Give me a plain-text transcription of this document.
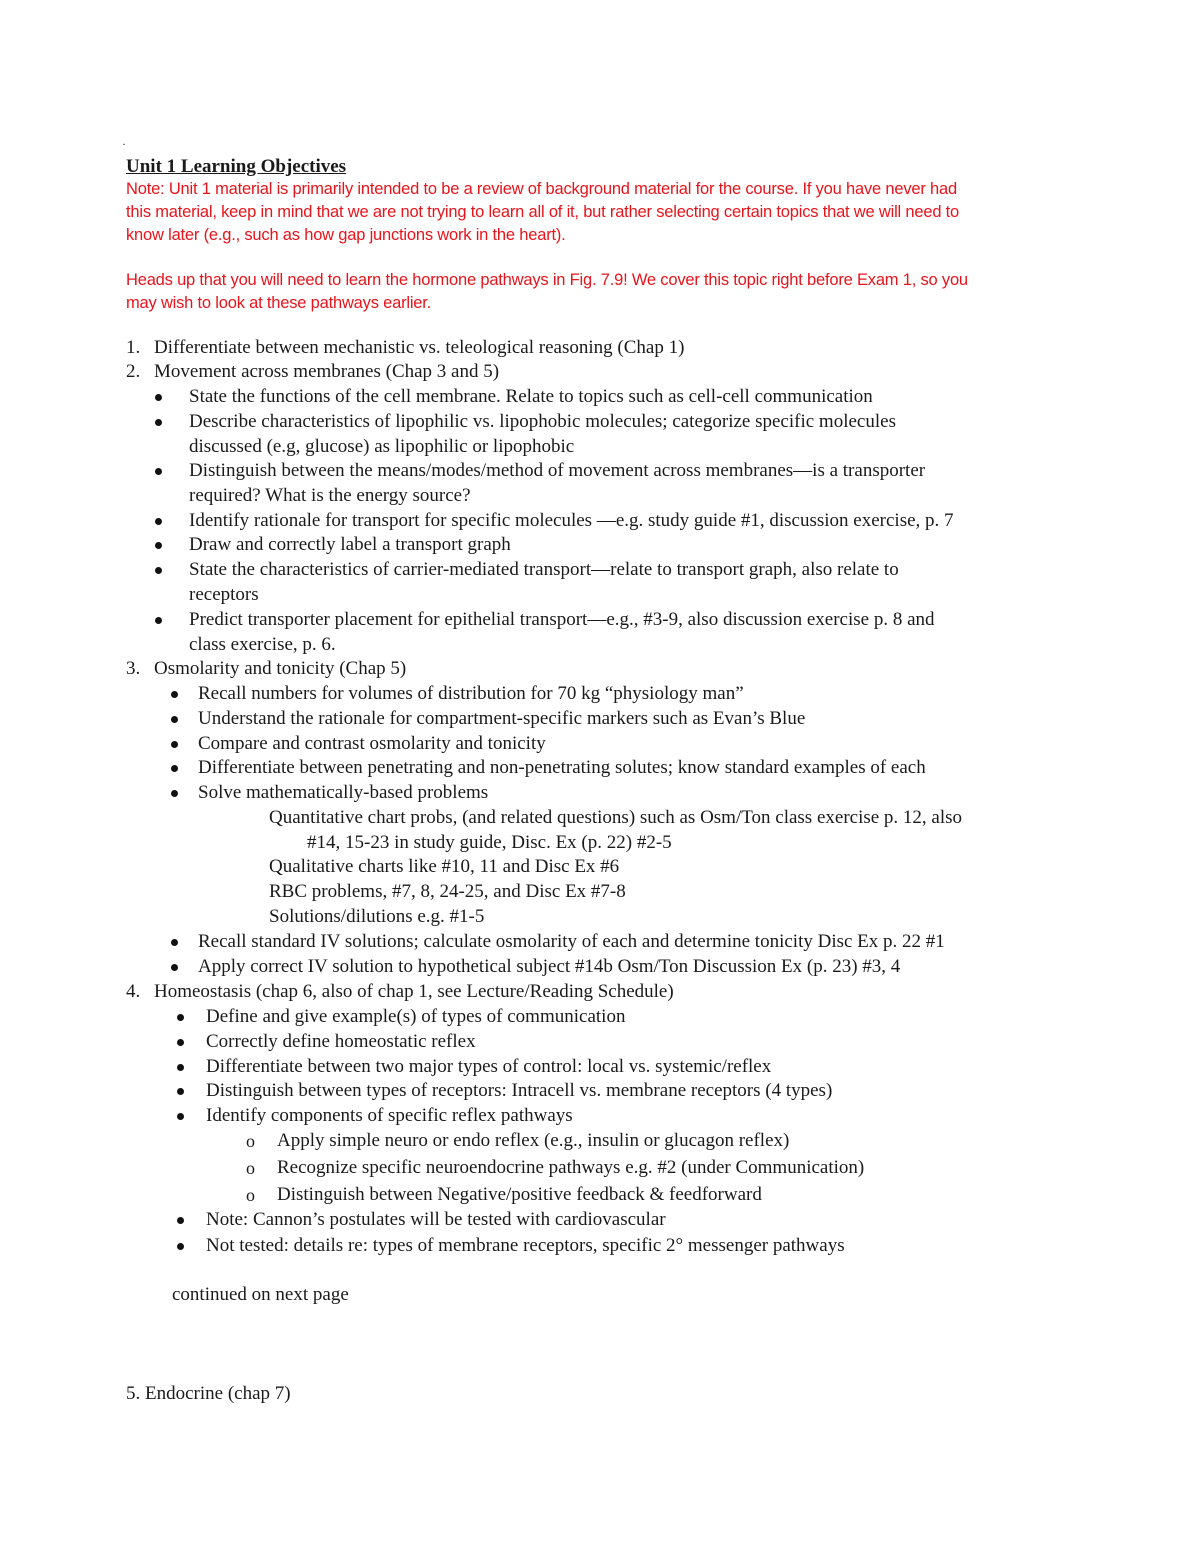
·
Unit 1 Learning Objectives
Note: Unit 1 material is primarily intended to be a review of background material for the course. If you have never had
this material, keep in mind that we are not trying to learn all of it, but rather selecting certain topics that we will need to
know later (e.g., such as how gap junctions work in the heart).
Heads up that you will need to learn the hormone pathways in Fig. 7.9! We cover this topic right before Exam 1, so you
may wish to look at these pathways earlier.
1. Differentiate between mechanistic vs. teleological reasoning (Chap 1)
2. Movement across membranes (Chap 3 and 5)
State the functions of the cell membrane. Relate to topics such as cell-cell communication
Describe characteristics of lipophilic vs. lipophobic molecules; categorize specific molecules
discussed (e.g, glucose) as lipophilic or lipophobic
Distinguish between the means/modes/method of movement across membranes—is a transporter
required? What is the energy source?
Identify rationale for transport for specific molecules —e.g. study guide #1, discussion exercise, p. 7
Draw and correctly label a transport graph
State the characteristics of carrier-mediated transport—relate to transport graph, also relate to
receptors
Predict transporter placement for epithelial transport—e.g., #3-9, also discussion exercise p. 8 and
class exercise, p. 6.
3. Osmolarity and tonicity (Chap 5)
Recall numbers for volumes of distribution for 70 kg “physiology man”
Understand the rationale for compartment-specific markers such as Evan’s Blue
Compare and contrast osmolarity and tonicity
Differentiate between penetrating and non-penetrating solutes; know standard examples of each
Solve mathematically-based problems
Quantitative chart probs, (and related questions) such as Osm/Ton class exercise p. 12, also
#14, 15-23 in study guide, Disc. Ex (p. 22) #2-5
Qualitative charts like #10, 11 and Disc Ex #6
RBC problems, #7, 8, 24-25, and Disc Ex #7-8
Solutions/dilutions e.g. #1-5
Recall standard IV solutions; calculate osmolarity of each and determine tonicity Disc Ex p. 22 #1
Apply correct IV solution to hypothetical subject #14b Osm/Ton Discussion Ex (p. 23) #3, 4
4. Homeostasis (chap 6, also of chap 1, see Lecture/Reading Schedule)
Define and give example(s) of types of communication
Correctly define homeostatic reflex
Differentiate between two major types of control: local vs. systemic/reflex
Distinguish between types of receptors: Intracell vs. membrane receptors (4 types)
Identify components of specific reflex pathways
o Apply simple neuro or endo reflex (e.g., insulin or glucagon reflex)
o Recognize specific neuroendocrine pathways e.g. #2 (under Communication)
o Distinguish between Negative/positive feedback & feedforward
Note: Cannon’s postulates will be tested with cardiovascular
Not tested: details re: types of membrane receptors, specific 2° messenger pathways
continued on next page
5. Endocrine (chap 7)
